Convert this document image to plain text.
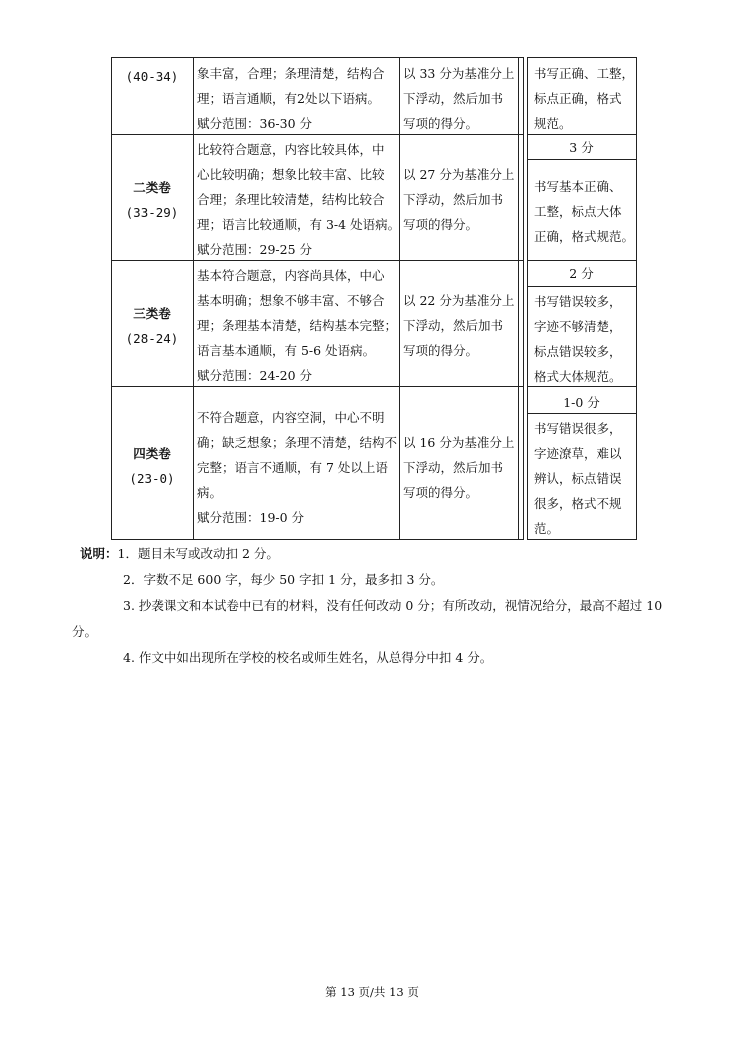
(40-34)	象丰富，合理；条理清楚，结构合
理；语言通顺，有2处以下语病。
赋分范围：36-30 分
以 33 分为基准分上
下浮动，然后加书
写项的得分。
书写正确、工整，
标点正确，格式
规范。
二类卷
(33-29)
比较符合题意，内容比较具体，中
心比较明确；想象比较丰富、比较
合理；条理比较清楚，结构比较合
理；语言比较通顺，有 3-4 处语病。
赋分范围：29-25 分
以 27 分为基准分上
下浮动，然后加书
写项的得分。
3 分
书写基本正确、
工整，标点大体
正确，格式规范。
三类卷
(28-24)
基本符合题意，内容尚具体，中心
基本明确；想象不够丰富、不够合
理；条理基本清楚，结构基本完整；
语言基本通顺，有 5-6 处语病。
赋分范围：24-20 分
以 22 分为基准分上
下浮动，然后加书
写项的得分。
2 分
书写错误较多，
字迹不够清楚，
标点错误较多，
格式大体规范。
四类卷
(23-0)
不符合题意，内容空洞，中心不明
确；缺乏想象；条理不清楚，结构不
完整；语言不通顺，有 7 处以上语
病。
赋分范围：19-0 分
以 16 分为基准分上
下浮动，然后加书
写项的得分。
1-0 分
书写错误很多，
字迹潦草，难以
辨认，标点错误
很多，格式不规
范。
说明：1．题目未写或改动扣 2 分。
2．字数不足 600 字，每少 50 字扣 1 分，最多扣 3 分。
3. 抄袭课文和本试卷中已有的材料，没有任何改动 0 分；有所改动，视情况给分，最高不超过 10
分。
4. 作文中如出现所在学校的校名或师生姓名，从总得分中扣 4 分。
第 13 页/共 13 页
